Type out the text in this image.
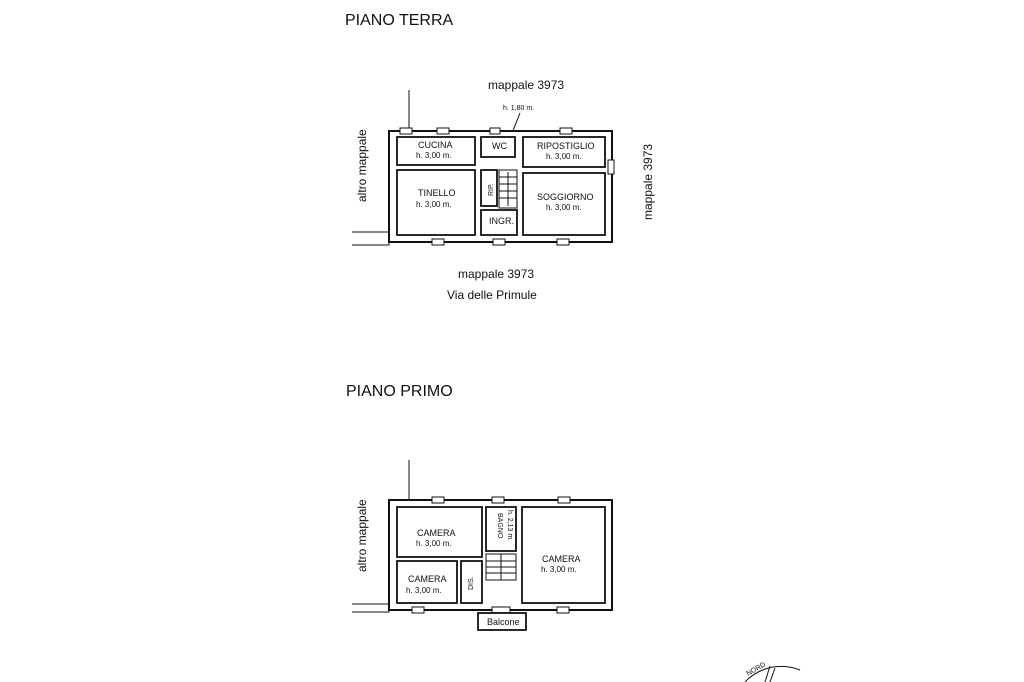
PIANO TERRA
mappale 3973
h. 1,80 m.
altro mappale	mappale 3973
CUCINA
h. 3,00 m.
WC	RIPOSTIGLIO
h. 3,00 m.
TINELLO
h. 3,00 m.
RIP.
SOGGIORNO
h. 3,00 m.
INGR.
mappale 3973
Via delle Primule
PIANO PRIMO
altro mappale
Balcone
CAMERA
h. 3,00 m.
BAGNO h. 2,13 m.
CAMERA
h. 3,00 m.
CAMERA
h. 3,00 m.
DIS.
NORD
